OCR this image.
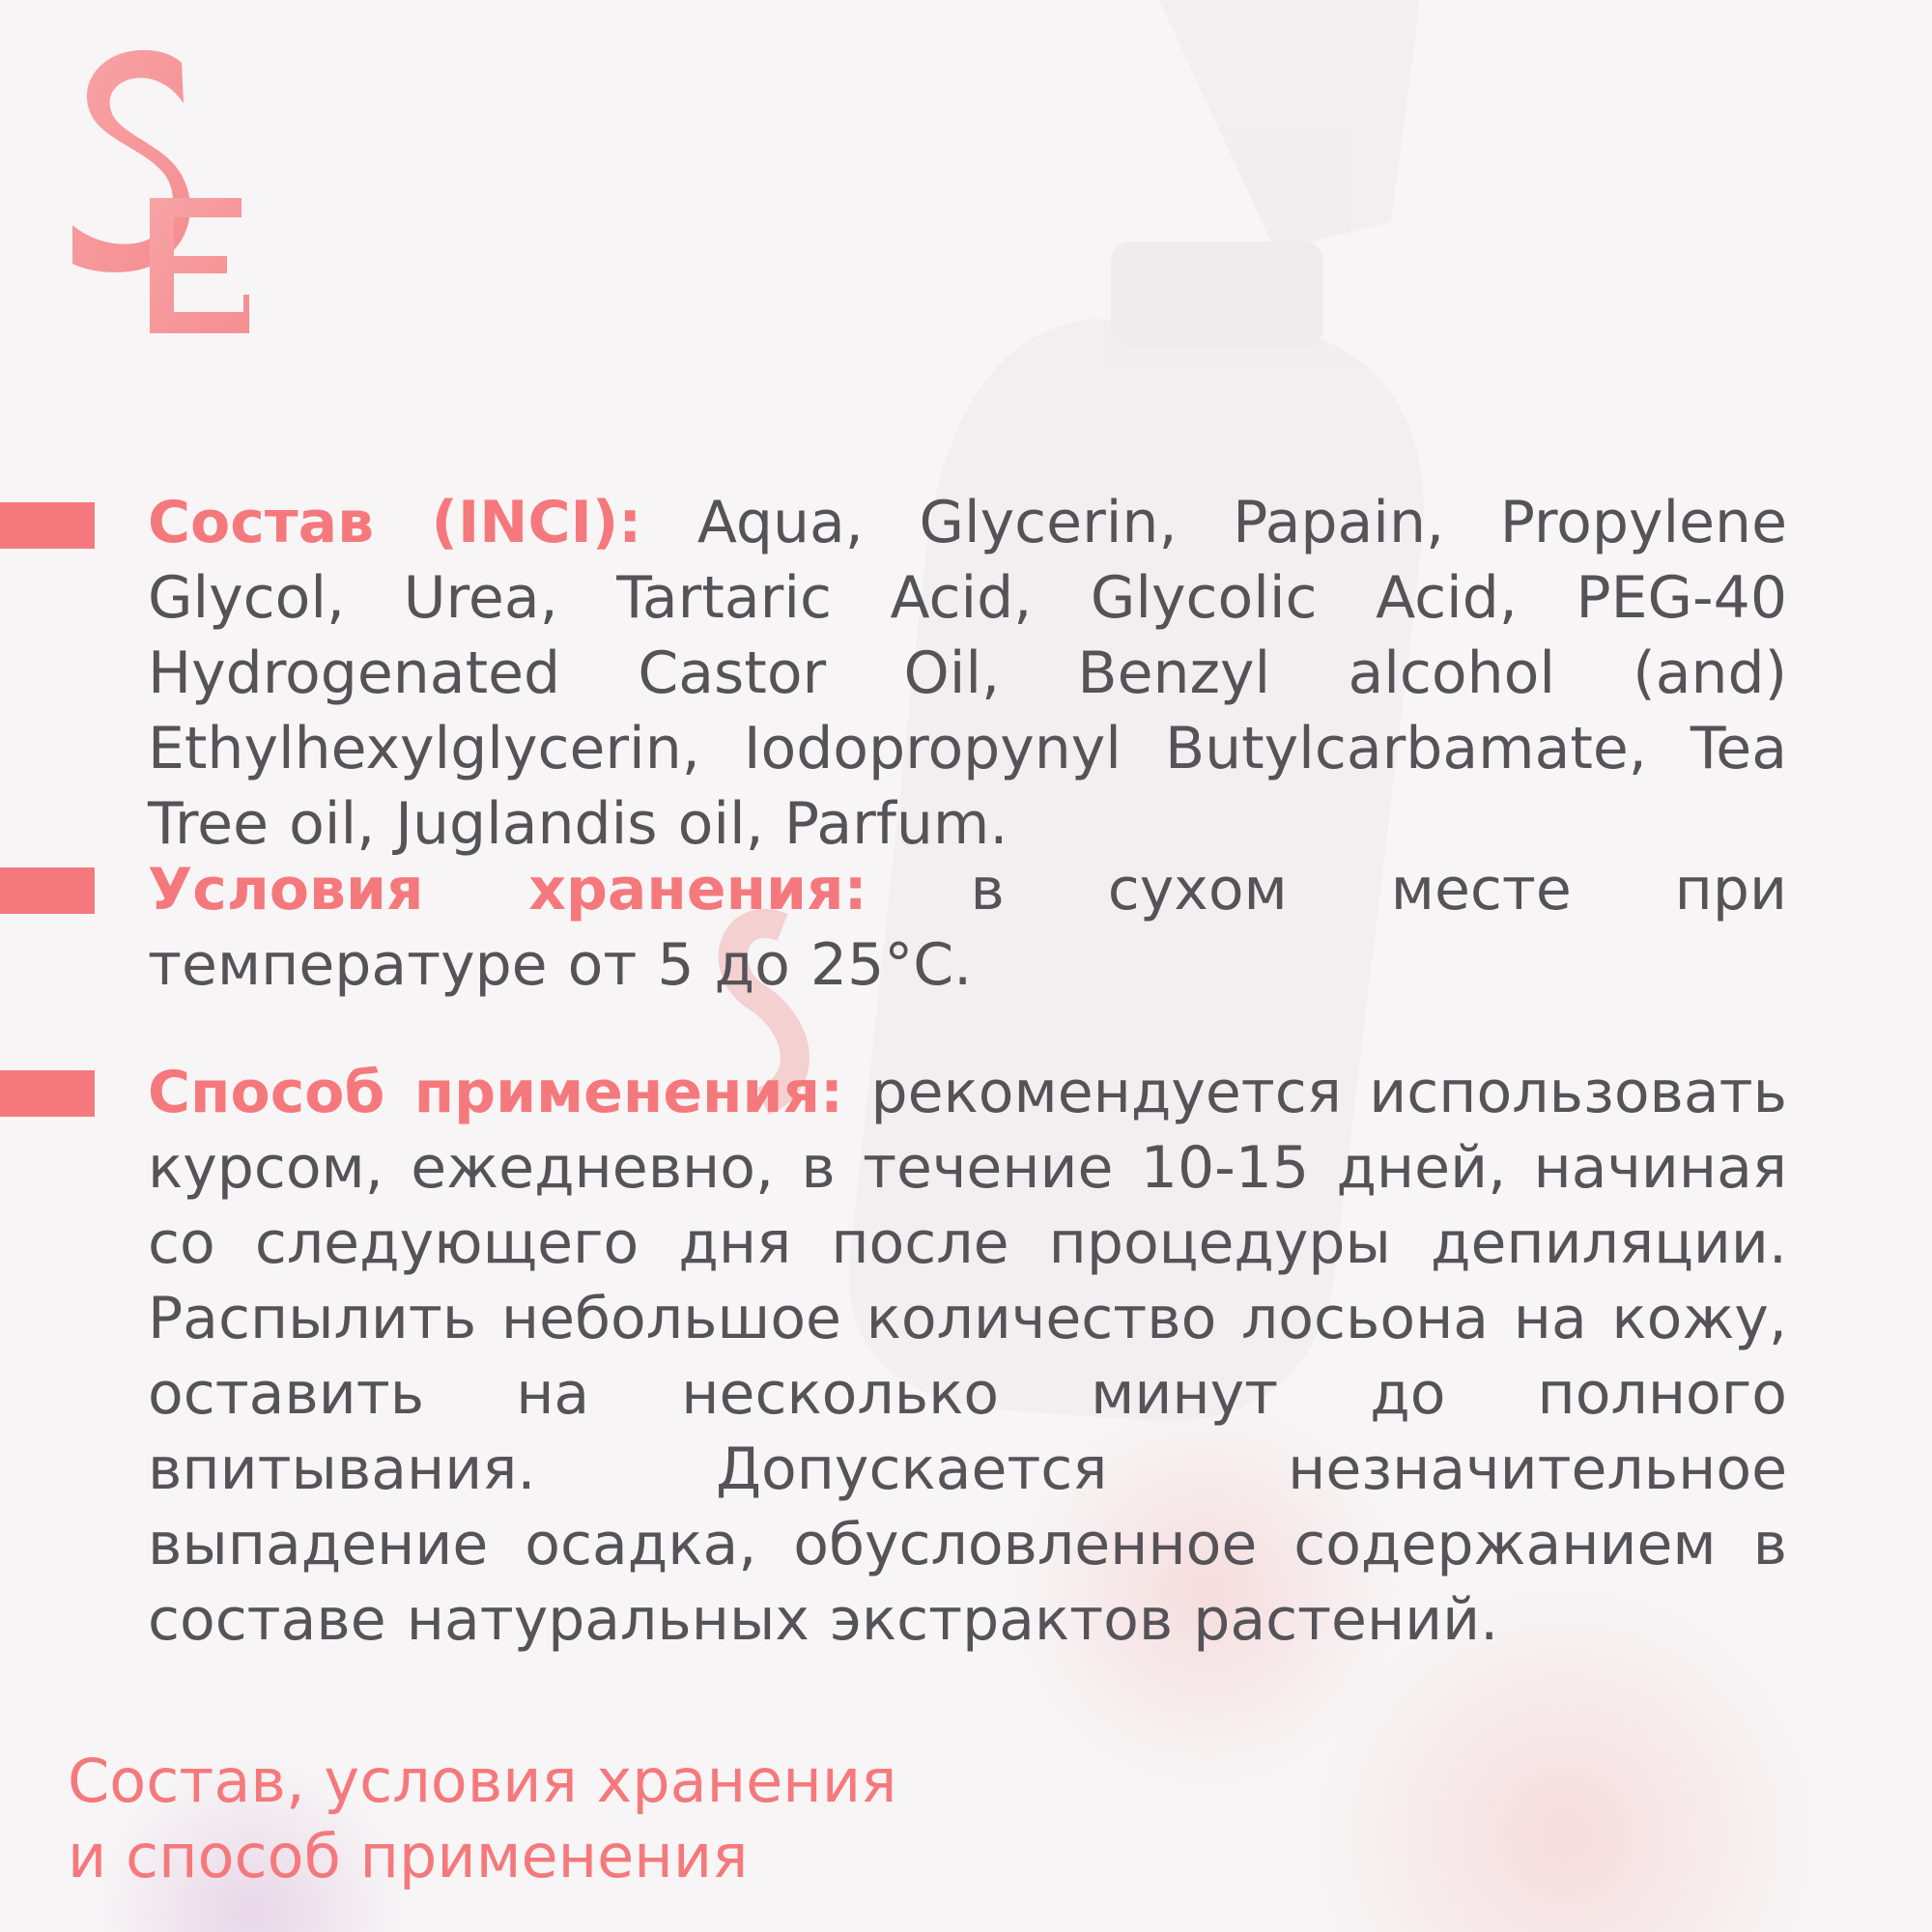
Состав (INCI): Aqua, Glycerin, Papain, Propylene Glycol, Urea, Tartaric Acid, Glycolic Acid, PEG-40 Hydrogenated Castor Oil, Benzyl alcohol (and) Ethylhexylglycerin, Iodopropynyl Butylcarbamate, Tea Tree oil, Juglandis oil, Parfum.
Условия хранения: в сухом месте при температуре от 5 до 25°С.
Способ применения: рекомендуется использовать курсом, ежедневно, в течение 10-15 дней, начиная со следующего дня после процедуры депиляции. Распылить небольшое количество лосьона на кожу, оставить на несколько минут до полного впитывания. Допускается незначительное выпадение осадка, обусловленное содержанием в составе натуральных экстрактов растений.
Состав, условия хранения
и способ применения
